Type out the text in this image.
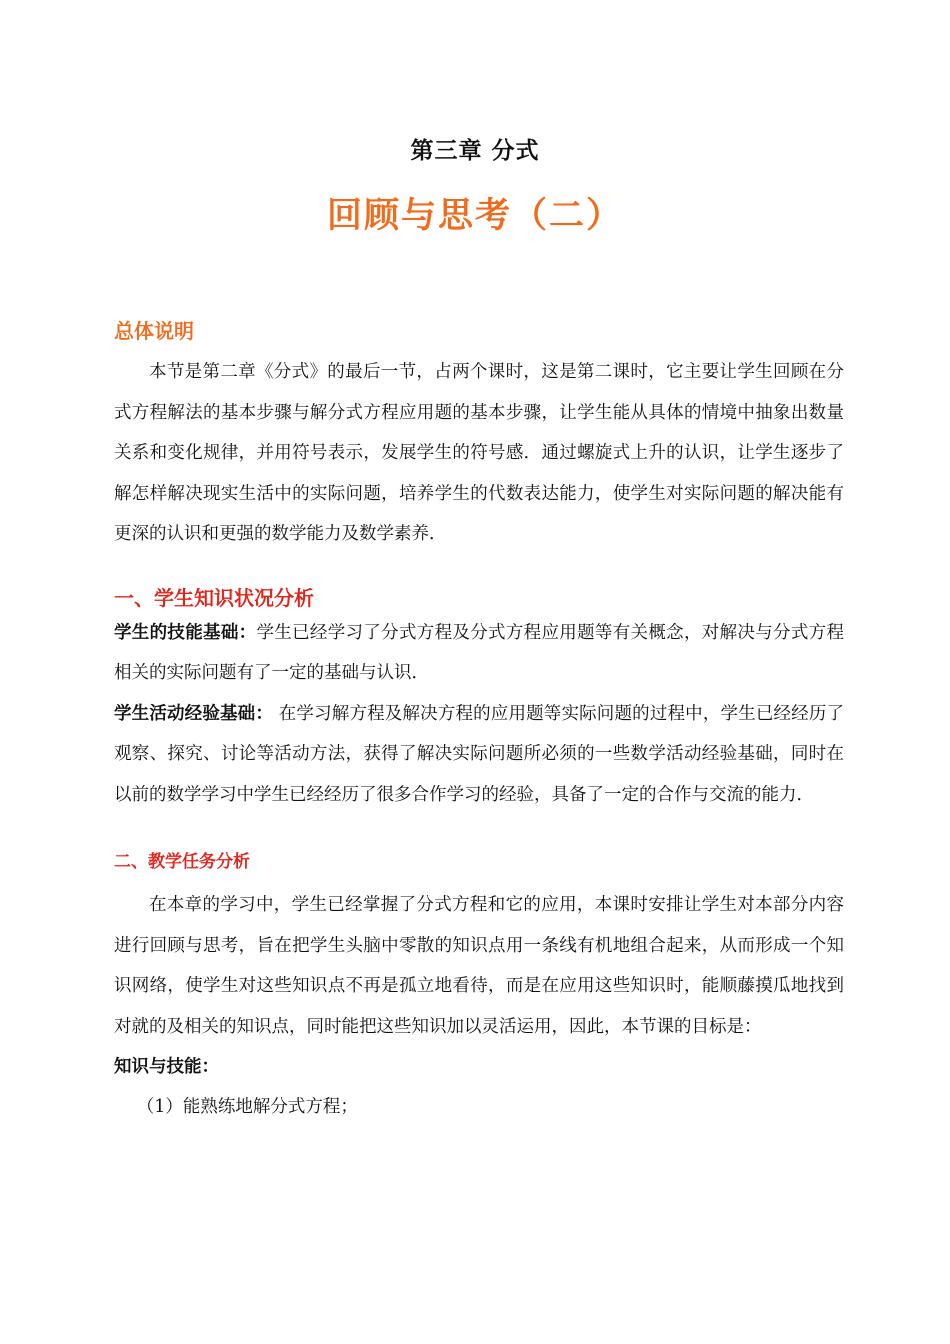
第三章 分式
回顾与思考（二）
总体说明

本节是第二章《分式》的最后一节，占两个课时，这是第二课时，它主要让学生回顾在分式方程解法的基本步骤与解分式方程应用题的基本步骤，让学生能从具体的情境中抽象出数量关系和变化规律，并用符号表示，发展学生的符号感．通过螺旋式上升的认识，让学生逐步了解怎样解决现实生活中的实际问题，培养学生的代数表达能力，使学生对实际问题的解决能有更深的认识和更强的数学能力及数学素养．

一、学生知识状况分析

学生的技能基础：学生已经学习了分式方程及分式方程应用题等有关概念，对解决与分式方程相关的实际问题有了一定的基础与认识．

学生活动经验基础： 在学习解方程及解决方程的应用题等实际问题的过程中，学生已经经历了观察、探究、讨论等活动方法，获得了解决实际问题所必须的一些数学活动经验基础，同时在以前的数学学习中学生已经经历了很多合作学习的经验，具备了一定的合作与交流的能力．

二、教学任务分析

在本章的学习中，学生已经掌握了分式方程和它的应用，本课时安排让学生对本部分内容进行回顾与思考，旨在把学生头脑中零散的知识点用一条线有机地组合起来，从而形成一个知识网络，使学生对这些知识点不再是孤立地看待，而是在应用这些知识时，能顺藤摸瓜地找到对就的及相关的知识点，同时能把这些知识加以灵活运用，因此，本节课的目标是：

知识与技能：

（1）能熟练地解分式方程；
